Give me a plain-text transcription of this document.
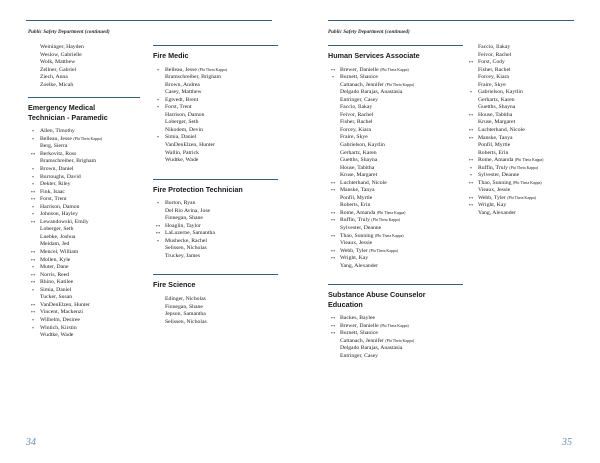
Public Safety Department (continued)
Weininger, Hayden
Weslow, Gabrielle
Wolk, Matthew
Zellner, Gabriel
Ziech, Anna
Zoelke, Micah
Emergency Medical Technician - Paramedic
*	Allen, Timothy
*	Belleau, Jesse (Phi Theta Kappa)
Berg, Sierra
** Berkovitz, Ross
Bramschreiber, Brigham
*	Brown, Daniel
*	Burroughs, David
*	Dekter, Riley
** Fink, Isaac
** Forst, Trent
*	Harrison, Damon
*	Johnson, Hayley
** Lewandowski, Emily
Loberger, Seth
Luebke, Joshua
Meidam, Jed
** Mencel, William
** Mollen, Kyle
*	Muter, Dane
** Norris, Reed
** Rhino, Katilee
*	Simia, Daniel
Tucker, Susan
** VanDenElzen, Hunter
** Vincent, Mackenzi
*	Wilhelm, Desiree
*	Wintich, Kirstin
Wudtke, Wade
Fire Medic
*	Belleau, Jesse (Phi Theta Kappa)
Bramschreiber, Brigham
Brown, Andrea
Casey, Matthew
*	Egtvedt, Brent
*	Forst, Trent
Harrison, Damon
Loberger, Seth
Nikodem, Devin
*	Simia, Daniel
VanDenElzen, Hunter
Wallin, Patrick
Wudtke, Wade
Fire Protection Technician
*	Burton, Ryan
Del Rio Avina, Jose
Finnegan, Shane
** Hoaglin, Taylor
** LaLuzerne, Samantha
*	Mushecke, Rachel
Selissen, Nicholas
Truckey, James
Fire Science
Edinger, Nicholas
Finnegan, Shane
Jepson, Samantha
Selissen, Nicholas
34
Public Safety Department (continued)
Human Services Associate
** Brewer, Danielle (Phi Theta Kappa)
*	Burnett, Shanice
Cattanach, Jennifer (Phi Theta Kappa)
Delgado Barajas, Anastasia
Entringer, Casey
Faccio, Ilakay
Feivor, Rachel
Fisher, Rachel
Forcey, Kiara
Fraire, Skye
Gabrielson, Kaytlin
Gerhartz, Karen
Guetths, Shayna
House, Tabitha
Kruse, Margaret
** Luchterhand, Nicole
** Manske, Tanya
Ponfil, Myrtle
Roberts, Erin
** Rome, Amanda (Phi Theta Kappa)
** Ruffin, Truly (Phi Theta Kappa)
Sylvester, Deanne
** Thao, Sunning (Phi Theta Kappa)
Vieaux, Jessie
** Webb, Tyler (Phi Theta Kappa)
** Wright, Kay
Yang, Alexander
Substance Abuse Counselor Education
** Backes, Baylee
** Brewer, Danielle (Phi Theta Kappa)
** Burnett, Shanice
Cattanach, Jennifer (Phi Theta Kappa)
Delgado Barajas, Anastasia
Entringer, Casey
Faccio, Ilakay
Feivor, Rachel
** Forst, Cody
Fisher, Rachel
Forcey, Kiara
Fraire, Skye
*	Gabrielson, Kaytlin
Gerhartz, Karen
Guetths, Shayna
** House, Tabitha
Kruse, Margaret
** Luchterhand, Nicole
** Manske, Tanya
Ponfil, Myrtle
Roberts, Erin
** Rome, Amanda (Phi Theta Kappa)
*	Ruffin, Truly (Phi Theta Kappa)
*	Sylvester, Deanne
** Thao, Sunning (Phi Theta Kappa)
Vieaux, Jessie
** Webb, Tyler (Phi Theta Kappa)
** Wright, Kay
Yang, Alexander
35
